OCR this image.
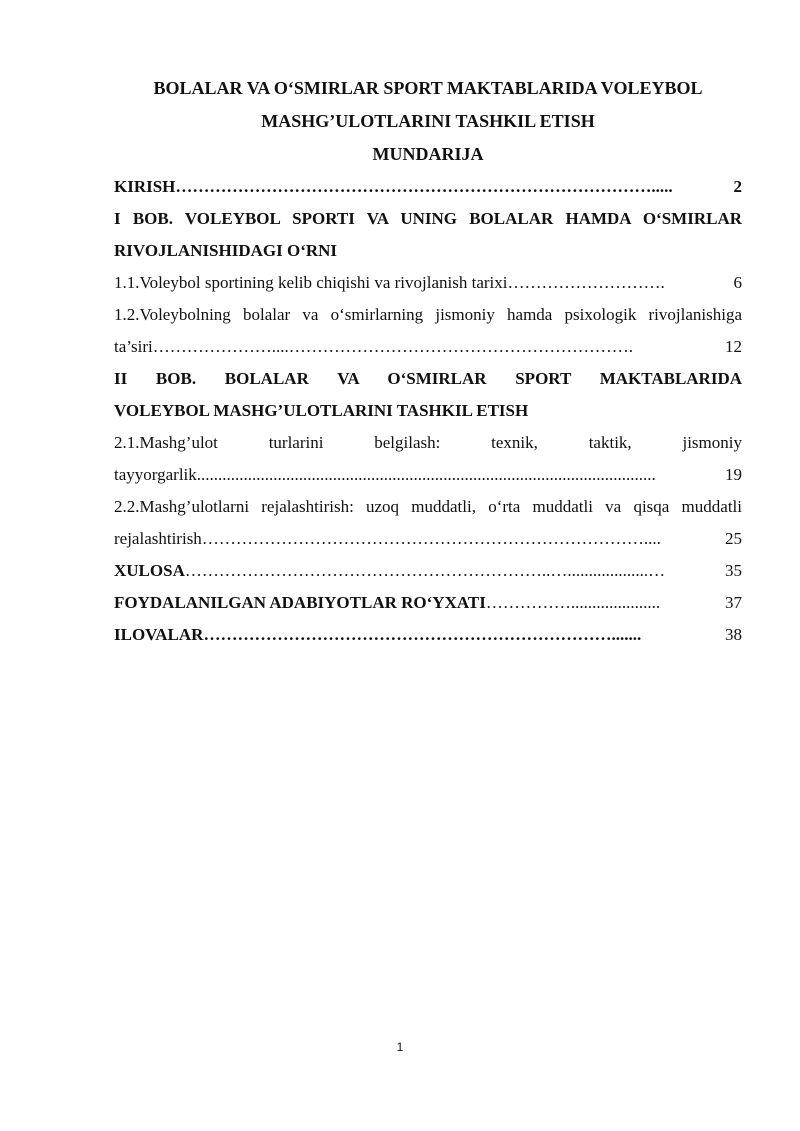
BOLALAR VA O‘SMIRLAR SPORT MAKTABLARIDA VOLEYBOL

MASHG’ULOTLARINI TASHKIL ETISH

MUNDARIJA

KIRISH ………………………………………………………………………….....	2

I BOB. VOLEYBOL SPORTI VA UNING BOLALAR HAMDA O‘SMIRLAR

RIVOJLANISHIDAGI O‘RNI

1.1.Voleybol sportining kelib chiqishi va rivojlanish tarixi ……………………….	6

1.2.Voleybolning bolalar va o‘smirlarning jismoniy hamda psixologik rivojlanishiga

ta’siri …………………....…………………………………………………….	12

II BOB. BOLALAR VA O‘SMIRLAR SPORT MAKTABLARIDA

VOLEYBOL MASHG’ULOTLARINI TASHKIL ETISH

2.1.Mashg’ulot turlarini belgilash: texnik, taktik, jismoniy

tayyorgarlik ............................................................................................................	19

2.2.Mashg’ulotlarni rejalashtirish: uzoq muddatli, o‘rta muddatli va qisqa muddatli

rejalashtirish ……………………………………………………………………....	25
XULOSA ………………………………………………………..…...................…	35
FOYDALANILGAN ADABIYOTLAR RO‘YXATI …………….....................	37
ILOVALAR ……………………………………………………………….......	38
1
